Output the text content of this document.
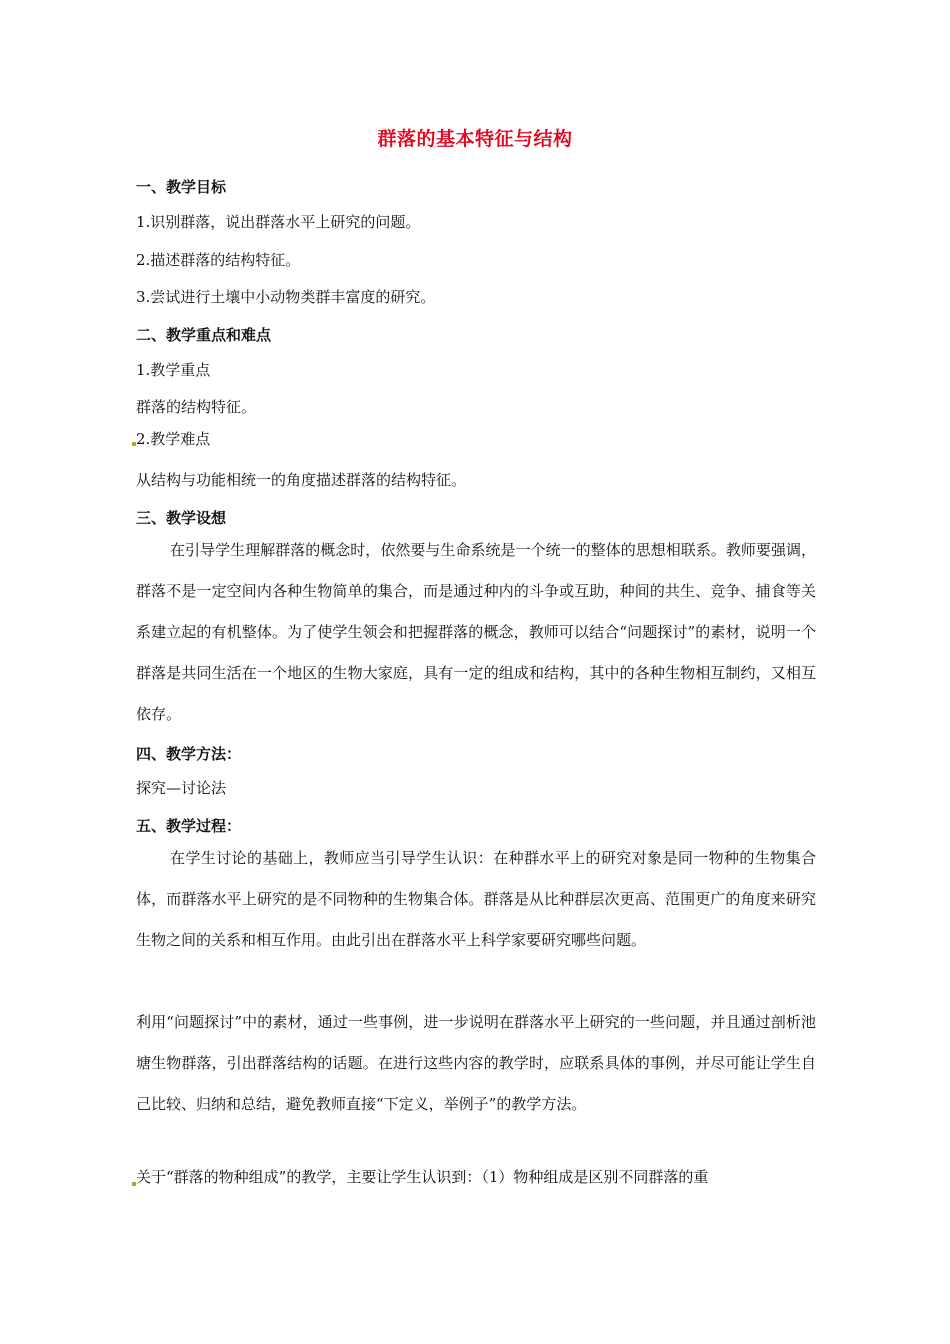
群落的基本特征与结构
一、教学目标
1.识别群落，说出群落水平上研究的问题。
2.描述群落的结构特征。
3.尝试进行土壤中小动物类群丰富度的研究。
二、教学重点和难点
1.教学重点
群落的结构特征。
2.教学难点
从结构与功能相统一的角度描述群落的结构特征。
三、教学设想
在引导学生理解群落的概念时，依然要与生命系统是一个统一的整体的思想相联系。教师要强调，群落不是一定空间内各种生物简单的集合，而是通过种内的斗争或互助，种间的共生、竞争、捕食等关系建立起的有机整体。为了使学生领会和把握群落的概念，教师可以结合“问题探讨”的素材，说明一个群落是共同生活在一个地区的生物大家庭，具有一定的组成和结构，其中的各种生物相互制约，又相互依存。
四、教学方法：
探究—讨论法
五、教学过程：
在学生讨论的基础上，教师应当引导学生认识：在种群水平上的研究对象是同一物种的生物集合体，而群落水平上研究的是不同物种的生物集合体。群落是从比种群层次更高、范围更广的角度来研究生物之间的关系和相互作用。由此引出在群落水平上科学家要研究哪些问题。
利用“问题探讨”中的素材，通过一些事例，进一步说明在群落水平上研究的一些问题，并且通过剖析池塘生物群落，引出群落结构的话题。在进行这些内容的教学时，应联系具体的事例，并尽可能让学生自己比较、归纳和总结，避免教师直接“下定义，举例子”的教学方法。
关于“群落的物种组成”的教学，主要让学生认识到：（1）物种组成是区别不同群落的重
